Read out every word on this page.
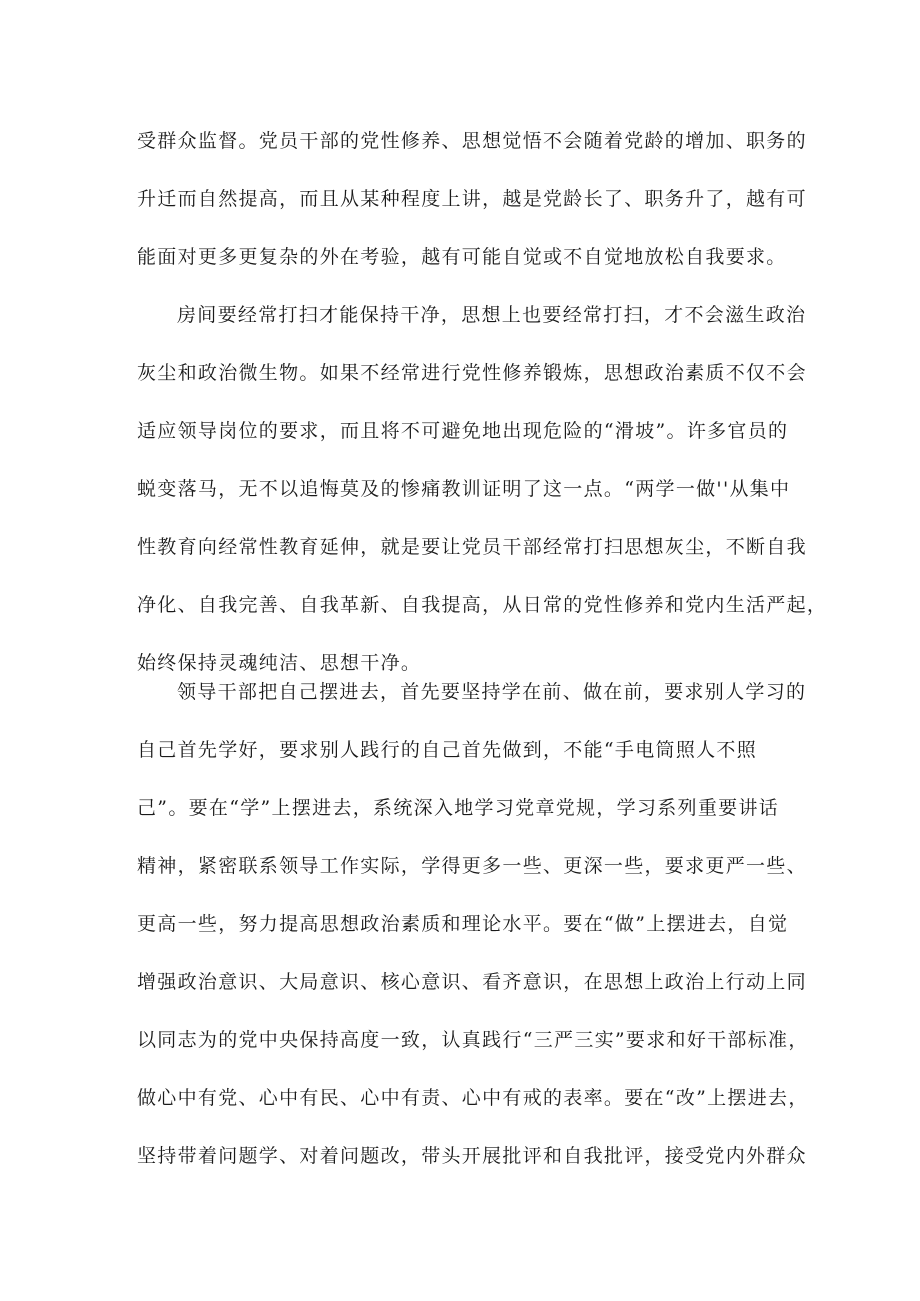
受群众监督。党员干部的党性修养、思想觉悟不会随着党龄的增加、职务的
升迁而自然提高，而且从某种程度上讲，越是党龄长了、职务升了，越有可
能面对更多更复杂的外在考验，越有可能自觉或不自觉地放松自我要求。
房间要经常打扫才能保持干净，思想上也要经常打扫，才不会滋生政治
灰尘和政治微生物。如果不经常进行党性修养锻炼，思想政治素质不仅不会
适应领导岗位的要求，而且将不可避免地出现危险的“滑坡”。许多官员的
蜕变落马，无不以追悔莫及的惨痛教训证明了这一点。“两学一做''从集中
性教育向经常性教育延伸，就是要让党员干部经常打扫思想灰尘，不断自我
净化、自我完善、自我革新、自我提高，从日常的党性修养和党内生活严起，
始终保持灵魂纯洁、思想干净。
领导干部把自己摆进去，首先要坚持学在前、做在前，要求别人学习的
自己首先学好，要求别人践行的自己首先做到，不能“手电筒照人不照
己”。要在“学”上摆进去，系统深入地学习党章党规，学习系列重要讲话
精神，紧密联系领导工作实际，学得更多一些、更深一些，要求更严一些、
更高一些，努力提高思想政治素质和理论水平。要在“做”上摆进去，自觉
增强政治意识、大局意识、核心意识、看齐意识，在思想上政治上行动上同
以同志为的党中央保持高度一致，认真践行“三严三实”要求和好干部标准，
做心中有党、心中有民、心中有责、心中有戒的表率。要在“改”上摆进去，
坚持带着问题学、对着问题改，带头开展批评和自我批评，接受党内外群众
